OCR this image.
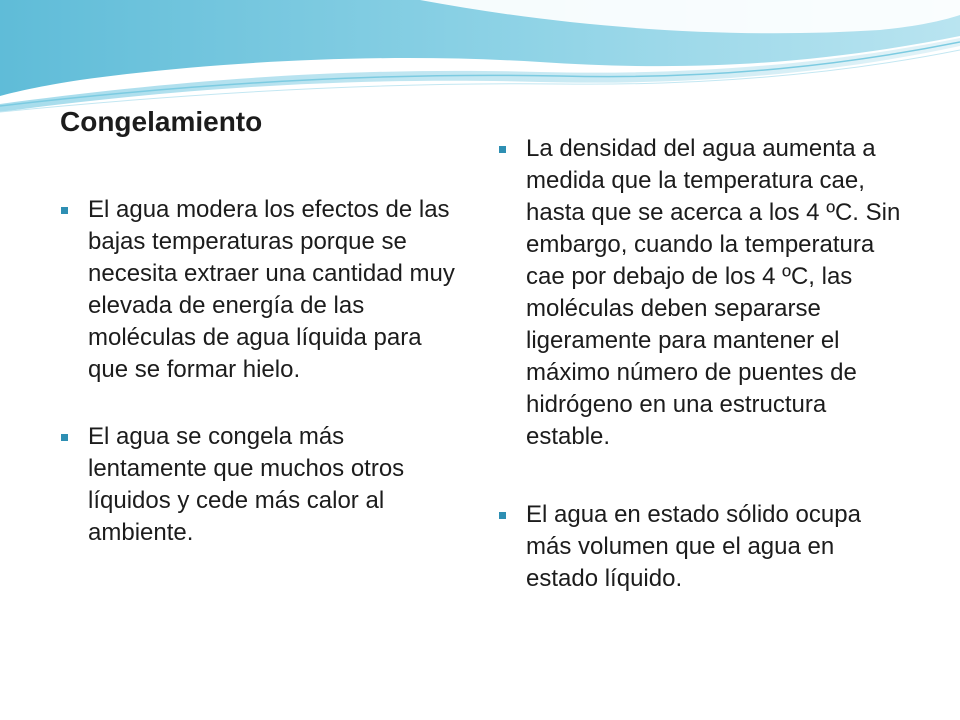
Congelamiento
El agua modera los efectos de las bajas temperaturas porque se necesita extraer una cantidad muy elevada de energía de las moléculas de agua líquida para que se formar hielo.
El agua se congela más lentamente que muchos otros líquidos y cede más calor al ambiente.
La densidad del agua aumenta a medida que la temperatura cae, hasta que se acerca a los 4 ºC. Sin embargo, cuando la temperatura cae por debajo de los 4 ºC, las moléculas deben separarse ligeramente para mantener el máximo número de puentes de hidrógeno en una estructura estable.
El agua en estado sólido ocupa más volumen que el agua en estado líquido.
